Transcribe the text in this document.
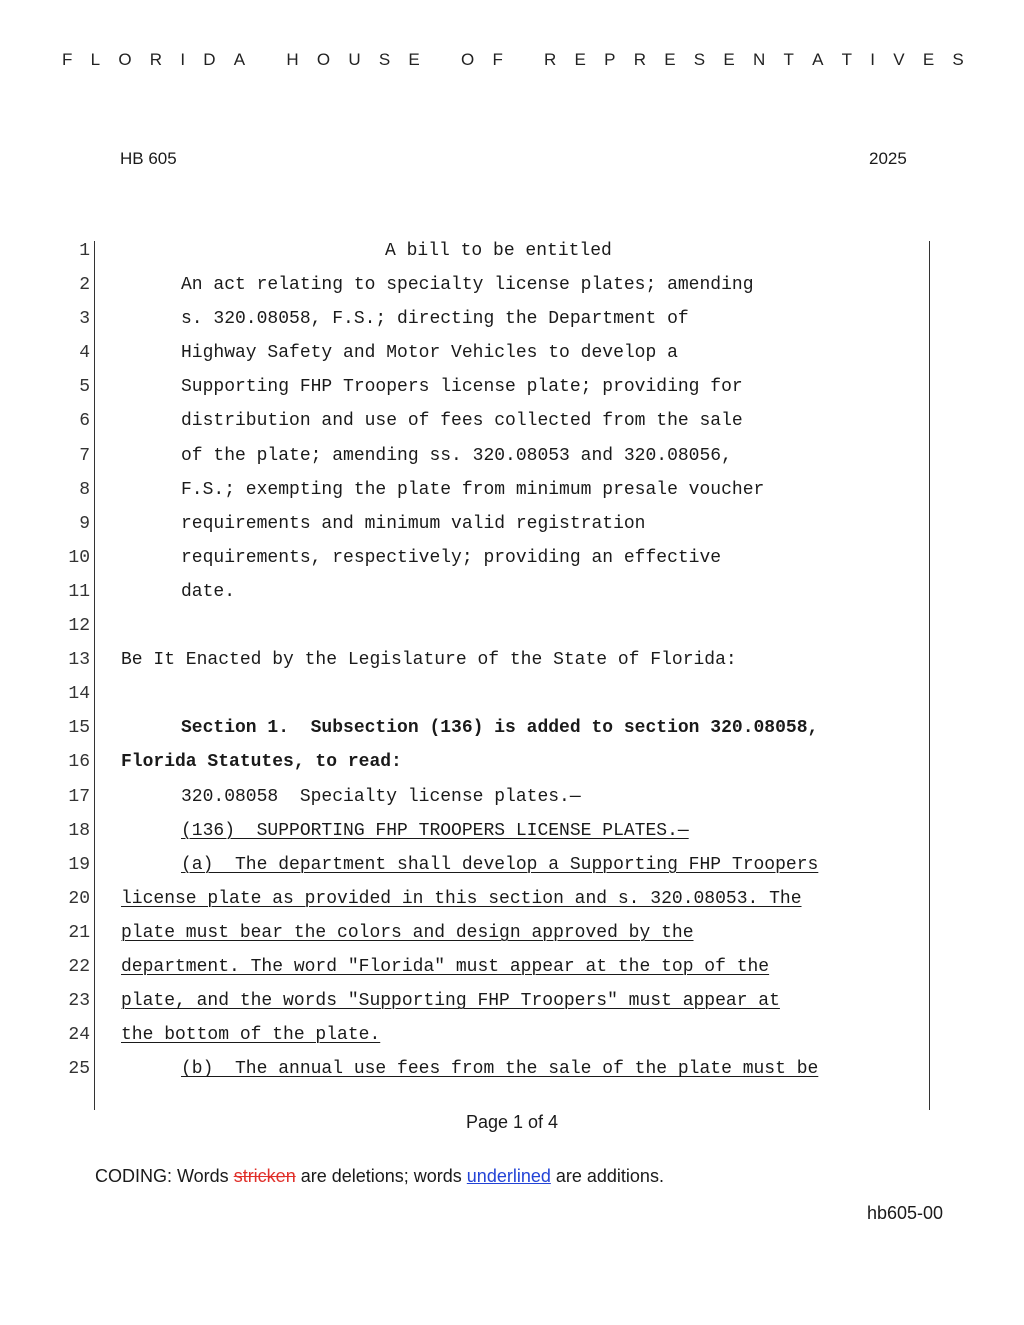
F L O R I D A
H O U S E
O F
R E P R E S E N T A T I V E S
HB 605	2025
1	A bill to be entitled
2	An act relating to specialty license plates; amending
3	s. 320.08058, F.S.; directing the Department of
4	Highway Safety and Motor Vehicles to develop a
5	Supporting FHP Troopers license plate; providing for
6	distribution and use of fees collected from the sale
7	of the plate; amending ss. 320.08053 and 320.08056,
8	F.S.; exempting the plate from minimum presale voucher
9	requirements and minimum valid registration
10	requirements, respectively; providing an effective
11	date.
12
13 Be It Enacted by the Legislature of the State of Florida:
14
15	Section 1.  Subsection (136) is added to section 320.08058,
16 Florida Statutes, to read:
17	320.08058  Specialty license plates.—
18	(136)  SUPPORTING FHP TROOPERS LICENSE PLATES.—
19	(a)  The department shall develop a Supporting FHP Troopers
20 license plate as provided in this section and s. 320.08053. The
21 plate must bear the colors and design approved by the
22 department. The word "Florida" must appear at the top of the
23 plate, and the words "Supporting FHP Troopers" must appear at
24 the bottom of the plate.
25	(b)  The annual use fees from the sale of the plate must be
Page 1 of 4
CODING: Words stricken are deletions; words underlined are additions.
hb605-00
